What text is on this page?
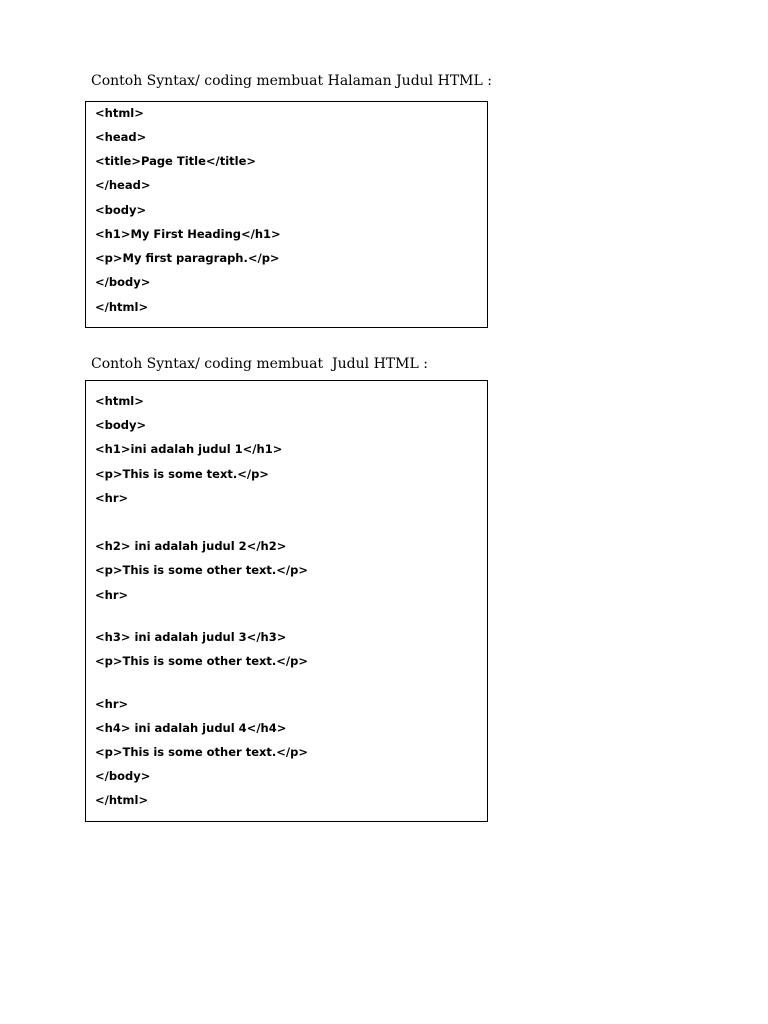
Contoh Syntax/ coding membuat Halaman Judul HTML :

<html>

<head>

<title>Page Title</title>

</head>

<body>

<h1>My First Heading</h1>

<p>My first paragraph.</p>

</body>

</html>

Contoh Syntax/ coding membuat  Judul HTML :

<html>

<body>

<h1>ini adalah judul 1</h1>

<p>This is some text.</p>

<hr>

<h2> ini adalah judul 2</h2>

<p>This is some other text.</p>

<hr>

<h3> ini adalah judul 3</h3>

<p>This is some other text.</p>

<hr>

<h4> ini adalah judul 4</h4>

<p>This is some other text.</p>

</body>

</html>
